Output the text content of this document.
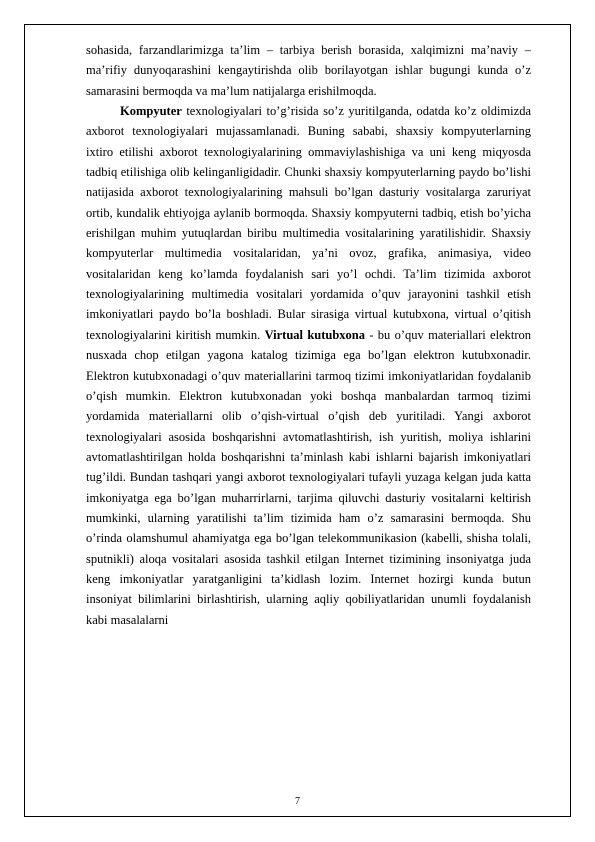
sohasida, farzandlarimizga ta’lim – tarbiya berish borasida, xalqimizni ma’naviy – ma’rifiy dunyoqarashini kengaytirishda olib borilayotgan ishlar bugungi kunda o’z samarasini bermoqda va ma’lum natijalarga erishilmoqda.

Kompyuter texnologiyalari to’g’risida so’z yuritilganda, odatda ko’z oldimizda axborot texnologiyalari mujassamlanadi. Buning sababi, shaxsiy kompyuterlarning ixtiro etilishi axborot texnologiyalarining ommaviylashishiga va uni keng miqyosda tadbiq etilishiga olib kelinganligidadir. Chunki shaxsiy kompyuterlarning paydo bo’lishi natijasida axborot texnologiyalarining mahsuli bo’lgan dasturiy vositalarga zaruriyat ortib, kundalik ehtiyojga aylanib bormoqda. Shaxsiy kompyuterni tadbiq, etish bo’yicha erishilgan muhim yutuqlardan biribu multimedia vositalarining yaratilishidir. Shaxsiy kompyuterlar multimedia vositalaridan, ya’ni ovoz, grafika, animasiya, video vositalaridan keng ko’lamda foydalanish sari yo’l ochdi. Ta’lim tizimida axborot texnologiyalarining multimedia vositalari yordamida o’quv jarayonini tashkil etish imkoniyatlari paydo bo’la boshladi. Bular sirasiga virtual kutubxona, virtual o’qitish texnologiyalarini kiritish mumkin. Virtual kutubxona - bu o’quv materiallari elektron nusxada chop etilgan yagona katalog tizimiga ega bo’lgan elektron kutubxonadir. Elektron kutubxonadagi o’quv materiallarini tarmoq tizimi imkoniyatlaridan foydalanib o’qish mumkin. Elektron kutubxonadan yoki boshqa manbalardan tarmoq tizimi yordamida materiallarni olib o’qish-virtual o’qish deb yuritiladi. Yangi axborot texnologiyalari asosida boshqarishni avtomatlashtirish, ish yuritish, moliya ishlarini avtomatlashtirilgan holda boshqarishni ta’minlash kabi ishlarni bajarish imkoniyatlari tug’ildi. Bundan tashqari yangi axborot texnologiyalari tufayli yuzaga kelgan juda katta imkoniyatga ega bo’lgan muharrirlarni, tarjima qiluvchi dasturiy vositalarni keltirish mumkinki, ularning yaratilishi ta’lim tizimida ham o’z samarasini bermoqda. Shu o’rinda olamshumul ahamiyatga ega bo’lgan telekommunikasion (kabelli, shisha tolali, sputnikli) aloqa vositalari asosida tashkil etilgan Internet tizimining insoniyatga juda keng imkoniyatlar yaratganligini ta’kidlash lozim. Internet hozirgi kunda butun insoniyat bilimlarini birlashtirish, ularning aqliy qobiliyatlaridan unumli foydalanish kabi masalalarni

7
